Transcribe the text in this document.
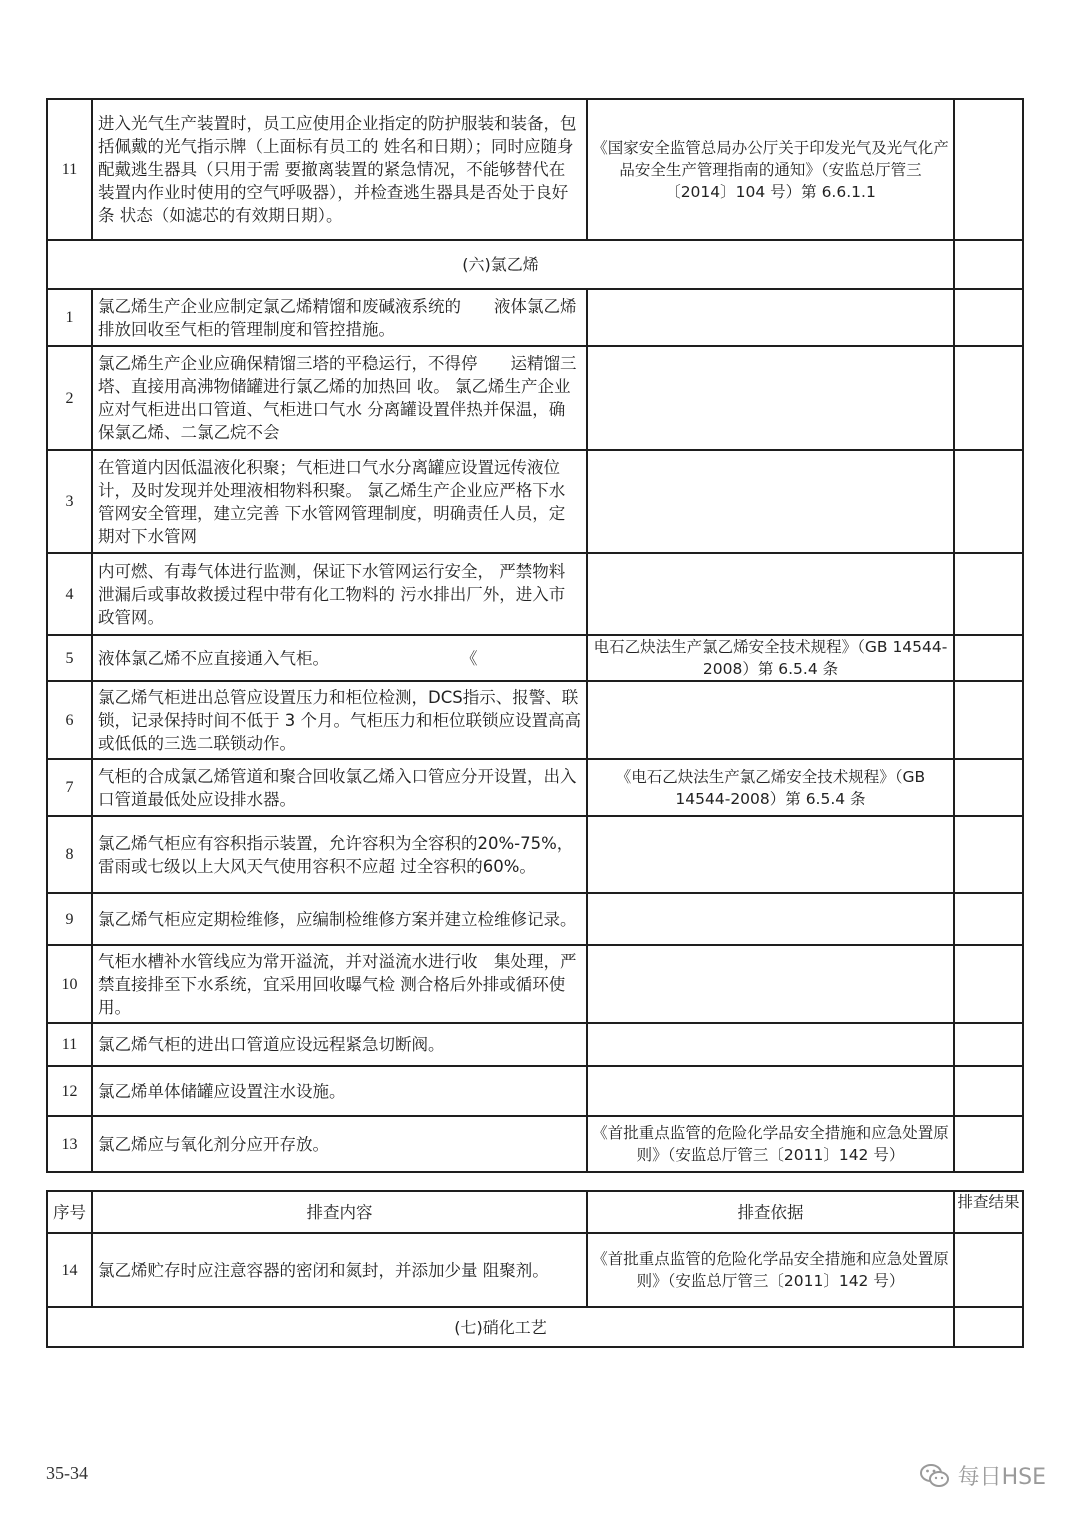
11	进入光气生产装置时，员工应使用企业指定的防护服装和装备，包括佩戴的光气指示牌（上面标有员工的 姓名和日期）；同时应随身配戴逃生器具（只用于需 要撤离装置的紧急情况，不能够替代在装置内作业时使用的空气呼吸器），并检查逃生器具是否处于良好 条 状态（如滤芯的有效期日期）。	《国家安全监管总局办公厅关于印发光气及光气化产品安全生产管理指南的通知》（安监总厅管三〔2014〕104 号）第 6.6.1.1	
(六)氯乙烯			
1	氯乙烯生产企业应制定氯乙烯精馏和废碱液系统的　　液体氯乙烯排放回收至气柜的管理制度和管控措施。		
2	氯乙烯生产企业应确保精馏三塔的平稳运行，不得停　　运精馏三塔、直接用高沸物储罐进行氯乙烯的加热回 收。 氯乙烯生产企业应对气柜进出口管道、气柜进口气水 分离罐设置伴热并保温，确保氯乙烯、二氯乙烷不会		
3	在管道内因低温液化积聚；气柜进口气水分离罐应设置远传液位计，及时发现并处理液相物料积聚。 氯乙烯生产企业应严格下水管网安全管理，建立完善 下水管网管理制度，明确责任人员，定期对下水管网		
4	内可燃、有毒气体进行监测，保证下水管网运行安全， 严禁物料泄漏后或事故救援过程中带有化工物料的 污水排出厂外，进入市政管网。		
5	液体氯乙烯不应直接通入气柜。　　　　　　　　　《	电石乙炔法生产氯乙烯安全技术规程》（GB 14544-2008）第 6.5.4 条	
6	氯乙烯气柜进出总管应设置压力和柜位检测，DCS指示、报警、联锁，记录保持时间不低于 3 个月。气柜压力和柜位联锁应设置高高或低低的三选二联锁动作。		
7	气柜的合成氯乙烯管道和聚合回收氯乙烯入口管应分开设置，出入口管道最低处应设排水器。	《电石乙炔法生产氯乙烯安全技术规程》（GB 14544-2008）第 6.5.4 条	
8	氯乙烯气柜应有容积指示装置，允许容积为全容积的20%-75%，雷雨或七级以上大风天气使用容积不应超 过全容积的60%。		
9	氯乙烯气柜应定期检维修，应编制检维修方案并建立检维修记录。		
10	气柜水槽补水管线应为常开溢流，并对溢流水进行收　集处理，严禁直接排至下水系统，宜采用回收曝气检 测合格后外排或循环使用。		
11	氯乙烯气柜的进出口管道应设远程紧急切断阀。		
12	氯乙烯单体储罐应设置注水设施。		
13	氯乙烯应与氧化剂分应开存放。	《首批重点监管的危险化学品安全措施和应急处置原则》（安监总厅管三〔2011〕142 号）	
序号	排查内容	排查依据	排查结果
14	氯乙烯贮存时应注意容器的密闭和氮封，并添加少量 阻聚剂。	《首批重点监管的危险化学品安全措施和应急处置原则》（安监总厅管三〔2011〕142 号）	
(七)硝化工艺			
35-34	每日HSE
